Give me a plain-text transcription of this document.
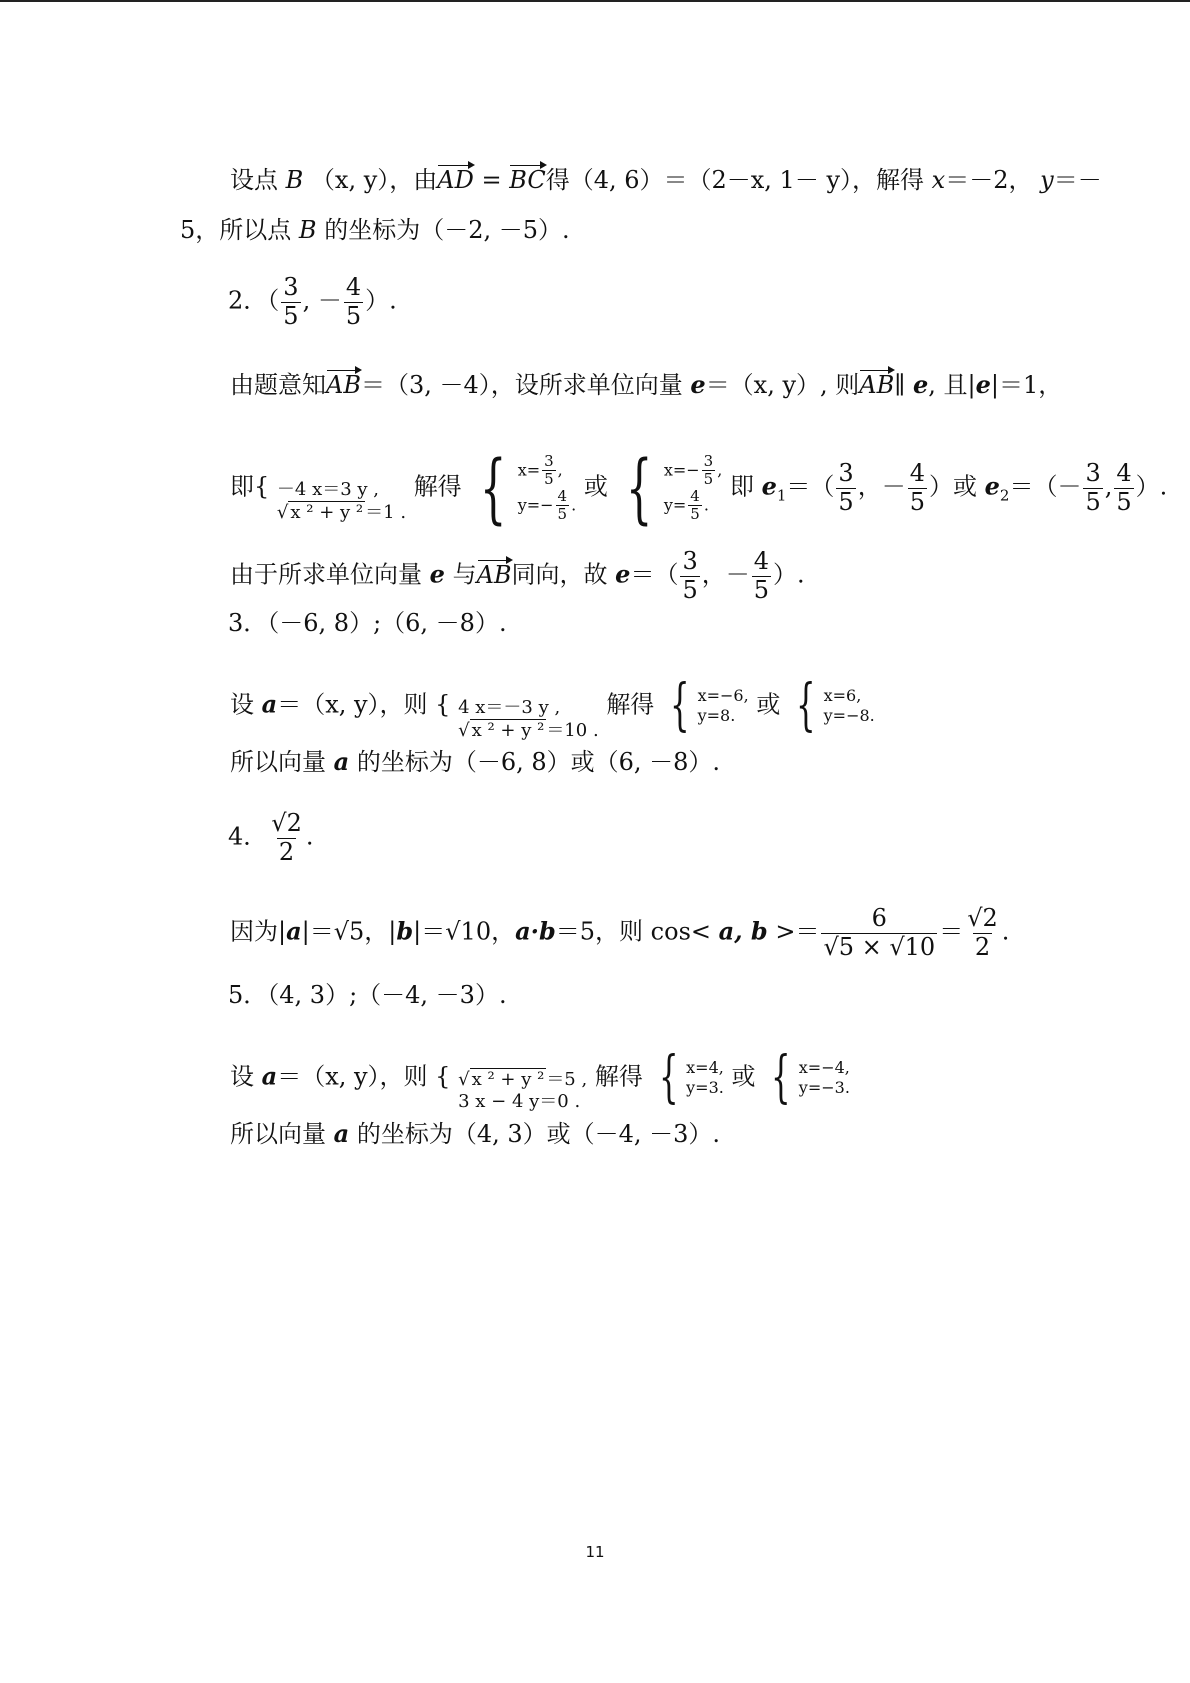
设点 B （x, y），由AD = BC得（4, 6）＝（2－x, 1－ y），解得 x＝－2， y＝－
5，所以点 B 的坐标为（－2, －5）.
2．（ $\frac{3}{5}$ , － $\frac{4}{5}$ ）.
由题意知AB＝（3, －4），设所求单位向量 e＝（x, y）, 则AB∥ e, 且|e|＝1，
即{ －4 x＝3 y ,
√ x ² + y ² ＝1 .
解得 { $x= \frac{3}{5}$ ,
$y=- \frac{4}{5}$ .
或 { $x=- \frac{3}{5}$ ,
$y= \frac{4}{5}$ .
即 $e_1=( \frac{3}{5}$ ，－ $\frac{4}{5}$ ）或 $e_2=(- \frac{3}{5}$ , $\frac{4}{5}$ ）.
由于所求单位向量 e 与AB同向，故 $e=( \frac{3}{5}$ ，－ $\frac{4}{5}$ ）.
3．（－6, 8）;（6, －8）.
设 a＝（x, y），则 { 4 x＝－3 y ,
√ x ² + y ² ＝10 .
解得 { x=−6,
y=8. 或 { x=6,
y=−8.
所以向量 a 的坐标为（－6, 8）或（6, －8）.
4． $\frac{√2}{2}$ .
因为|a|＝√5，|b|＝√10，a·b＝5，则 cos< a, $b >= \frac{6}{√5 \times √10} = \frac{√2}{2}$ .
5．（4, 3）;（－4, －3）.
设 a＝（x, y），则 { √ x ² + y ² ＝5 ,
3 x − 4 y＝0 .
解得 { x=4,
y=3. 或 { x=−4,
y=−3.
所以向量 a 的坐标为（4, 3）或（－4, －3）.
11
